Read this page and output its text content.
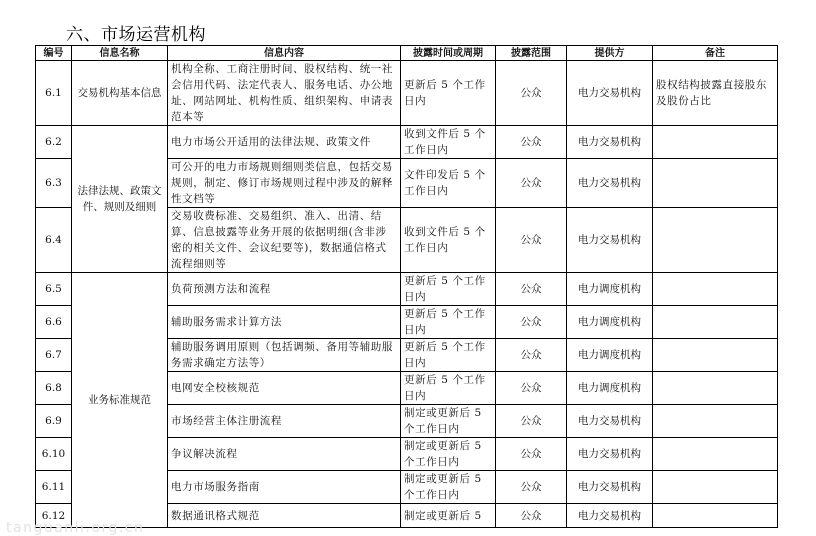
六、市场运营机构
编号	信息名称	信息内容	披露时间或周期	披露范围	提供方	备注
6.1	交易机构基本信息	机构全称、工商注册时间、股权结构、统一社会信用代码、法定代表人、服务电话、办公地址、网站网址、机构性质、组织架构、申请表范本等	更新后 5 个工作日内	公众	电力交易机构	股权结构披露直接股东及股份占比
6.2	法律法规、政策文件、规则及细则	电力市场公开适用的法律法规、政策文件	收到文件后 5 个工作日内	公众	电力交易机构	
6.3		可公开的电力市场规则细则类信息，包括交易规则，制定、修订市场规则过程中涉及的解释性文档等	文件印发后 5 个工作日内	公众	电力交易机构	
6.4		交易收费标准、交易组织、准入、出清、结算、信息披露等业务开展的依据明细(含非涉密的相关文件、会议纪要等)，数据通信格式流程细则等	收到文件后 5 个工作日内	公众	电力交易机构	
6.5	业务标准规范	负荷预测方法和流程	更新后 5 个工作日内	公众	电力调度机构	
6.6		辅助服务需求计算方法	更新后 5 个工作日内	公众	电力调度机构	
6.7		辅助服务调用原则（包括调频、备用等辅助服务需求确定方法等）	更新后 5 个工作日内	公众	电力调度机构	
6.8		电网安全校核规范	更新后 5 个工作日内	公众	电力调度机构	
6.9		市场经营主体注册流程	制定或更新后 5 个工作日内	公众	电力交易机构	
6.10		争议解决流程	制定或更新后 5 个工作日内	公众	电力交易机构	
6.11		电力市场服务指南	制定或更新后 5 个工作日内	公众	电力交易机构	
6.12		数据通讯格式规范	制定或更新后 5	公众	电力交易机构	
tanguanli.org.cn
